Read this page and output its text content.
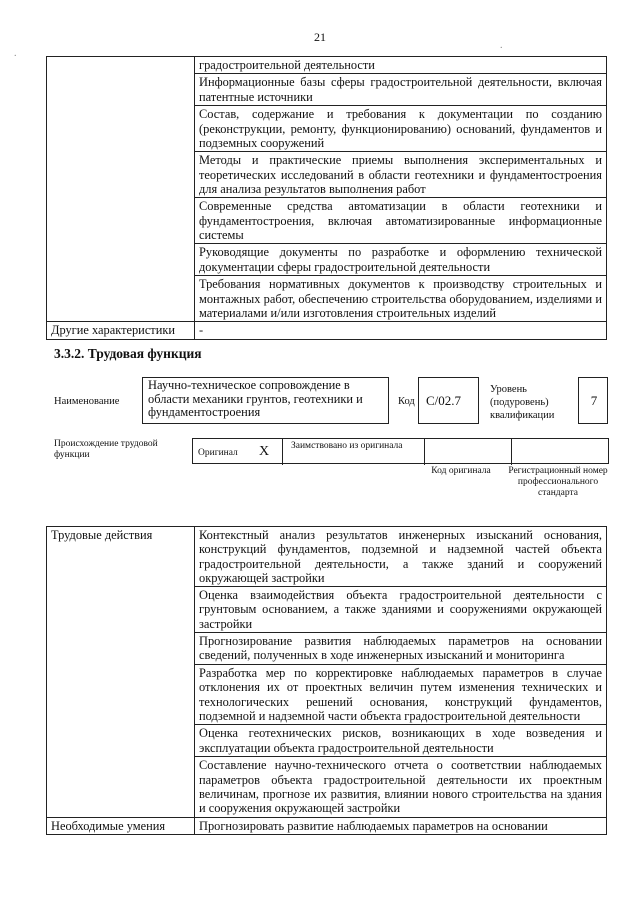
21
.
.

	градостроительной деятельности

	Информационные базы сферы градостроительной деятельности, включая патентные источники

	Состав, содержание и требования к документации по созданию (реконструкции, ремонту, функционированию) оснований, фундаментов и подземных сооружений

	Методы и практические приемы выполнения экспериментальных и теоретических исследований в области геотехники и фундаментостроения для анализа результатов выполнения работ

	Современные средства автоматизации в области геотехники и фундаментостроения, включая автоматизированные информационные системы

	Руководящие документы по разработке и оформлению технической документации сферы градостроительной деятельности

	Требования нормативных документов к производству строительных и монтажных работ, обеспечению строительства оборудованием, изделиями и материалами и/или изготовления строительных изделий

Другие характеристики	-
3.3.2. Трудовая функция
Наименование
Научно-техническое сопровождение в области механики грунтов, геотехники и фундаментостроения
Код С/02.7
Уровень (подуровень) квалификации
7
Происхождение трудовой функции	Оригинал X Заимствовано из оригинала
Код оригинала	Регистрационный номер профессионального стандарта
Трудовые действия	Контекстный анализ результатов инженерных изысканий основания, конструкций фундаментов, подземной и надземной частей объекта градостроительной деятельности, а также зданий и сооружений окружающей застройки

	Оценка взаимодействия объекта градостроительной деятельности с грунтовым основанием, а также зданиями и сооружениями окружающей застройки

	Прогнозирование развития наблюдаемых параметров на основании сведений, полученных в ходе инженерных изысканий и мониторинга

	Разработка мер по корректировке наблюдаемых параметров в случае отклонения их от проектных величин путем изменения технических и технологических решений основания, конструкций фундаментов, подземной и надземной части объекта градостроительной деятельности

	Оценка геотехнических рисков, возникающих в ходе возведения и эксплуатации объекта градостроительной деятельности

	Составление научно-технического отчета о соответствии наблюдаемых параметров объекта градостроительной деятельности их проектным величинам, прогнозе их развития, влиянии нового строительства на здания и сооружения окружающей застройки

Необходимые умения	Прогнозировать развитие наблюдаемых параметров на основании
